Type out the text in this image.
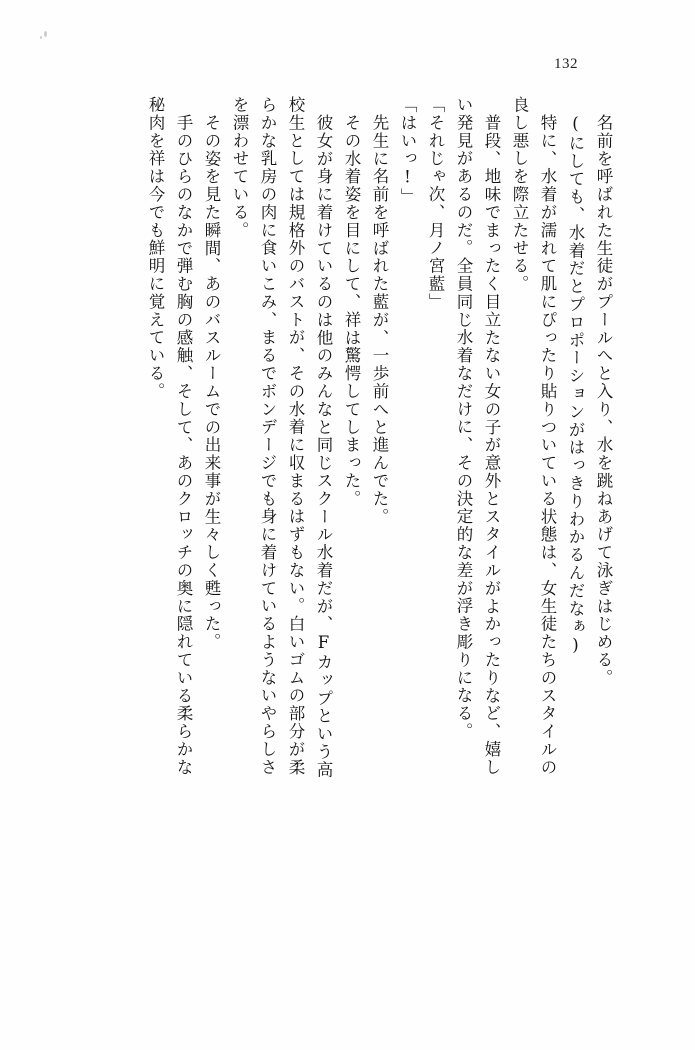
132
名前を呼ばれた生徒がプールへと入り、水を跳ねあげて泳ぎはじめる。
(にしても、水着だとプロポーションがはっきりわかるんだなぁ)
特に、水着が濡れて肌にぴったり貼りついている状態は、女生徒たちのスタイルの
良し悪しを際立たせる。
普段、地味でまったく目立たない女の子が意外とスタイルがよかったりなど、嬉し
い発見があるのだ。全員同じ水着なだけに、その決定的な差が浮き彫りになる。
「それじゃ次、月ノ宮藍」
「はいっ!」
先生に名前を呼ばれた藍が、一歩前へと進んでた。
その水着姿を目にして、祥は驚愕してしまった。
彼女が身に着けているのは他のみんなと同じスクール水着だが、Fカップという高
校生としては規格外のバストが、その水着に収まるはずもない。白いゴムの部分が柔
らかな乳房の肉に食いこみ、まるでボンデージでも身に着けているようないやらしさ
を漂わせている。
その姿を見た瞬間、あのバスルームでの出来事が生々しく甦った。
手のひらのなかで弾む胸の感触、そして、あのクロッチの奥に隠れている柔らかな
秘肉を祥は今でも鮮明に覚えている。
